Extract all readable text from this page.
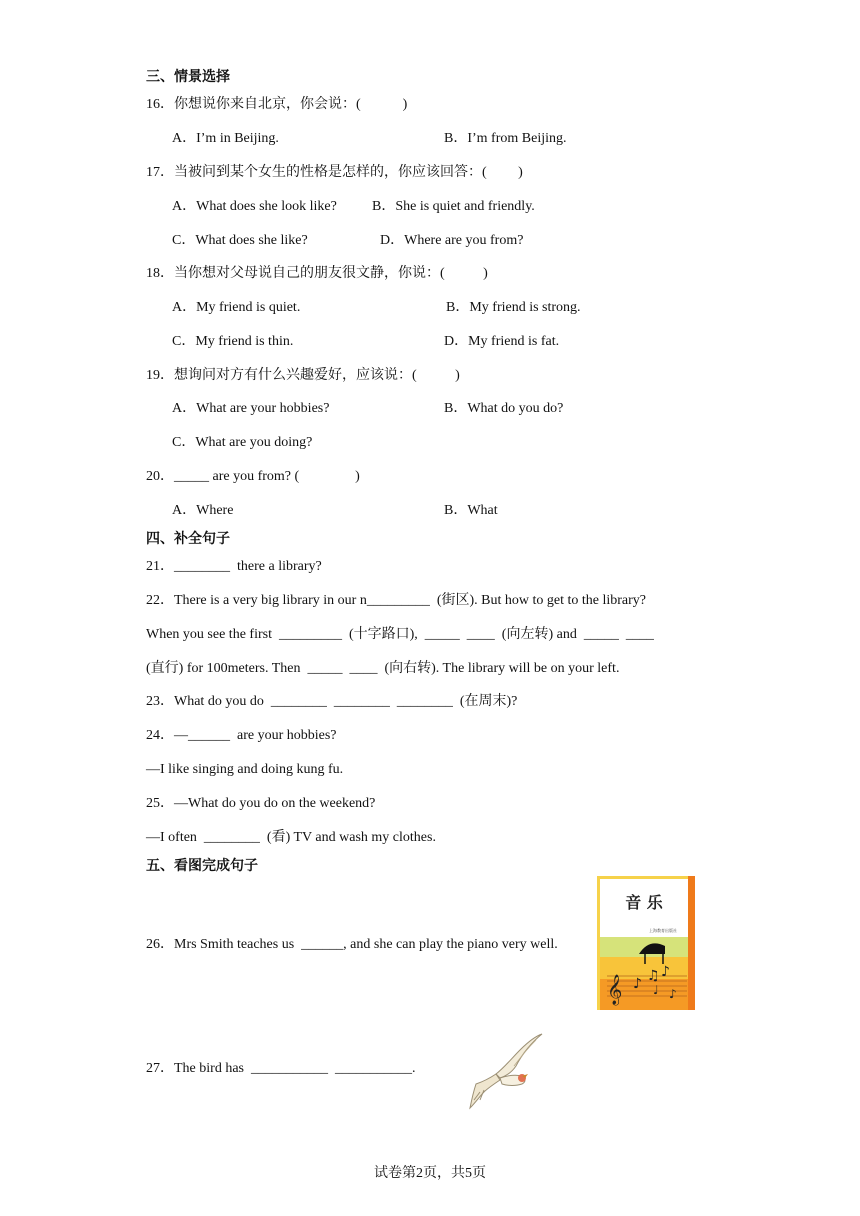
三、情景选择
16．你想说你来自北京，你会说：(            )
A．I’m in Beijing.	B．I’m from Beijing.
17．当被问到某个女生的性格是怎样的，你应该回答：(         )
A．What does she look like?	B．She is quiet and friendly.
C．What does she like?	D．Where are you from?
18．当你想对父母说自己的朋友很文静，你说：(           )
A．My friend is quiet.	B．My friend is strong.
C．My friend is thin.	D．My friend is fat.
19．想询问对方有什么兴趣爱好，应该说：(           )
A．What are your hobbies?	B．What do you do?
C．What are you doing?
20．_____ are you from? (                )
A．Where	B．What
四、补全句子
21．________  there a library?
22．There is a very big library in our n_________  (街区). But how to get to the library?
When you see the first  _________  (十字路口),  _____  ____  (向左转) and  _____  ____
(直行) for 100meters. Then  _____  ____  (向右转). The library will be on your left.
23．What do you do  ________  ________  ________  (在周末)?
24．—______  are your hobbies?
—I like singing and doing kung fu.
25．—What do you do on the weekend?
—I often  ________  (看) TV and wash my clothes.
五、看图完成句子
26．Mrs Smith teaches us  ______, and she can play the piano very well.
音 乐
上海教育出版社
𝄞 ♪ ♫ ♪
♩ ♪
27．The bird has  ___________  ___________.
试卷第2页，共5页
